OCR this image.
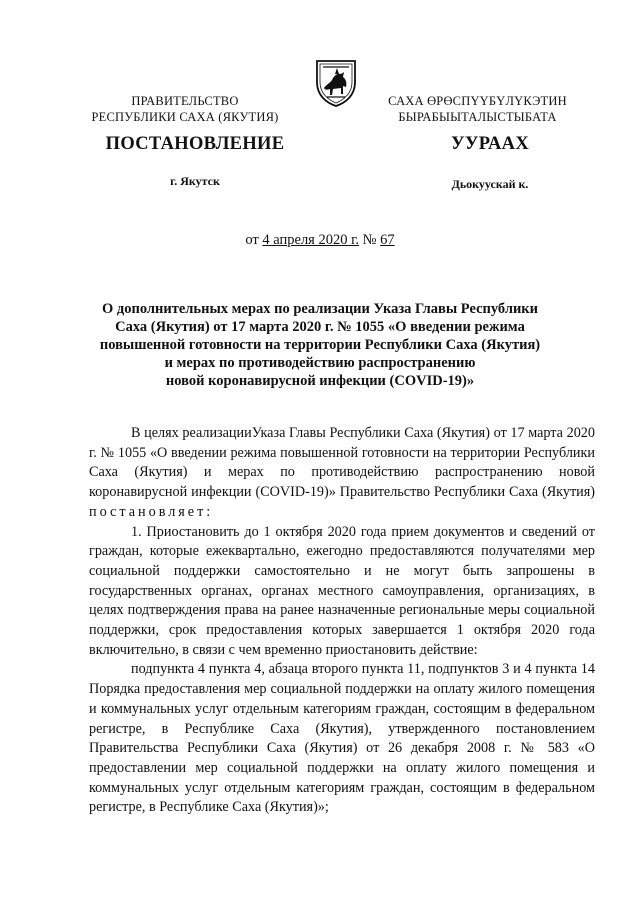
ПРАВИТЕЛЬСТВО
РЕСПУБЛИКИ САХА (ЯКУТИЯ)
САХА ӨРӨСПҮҮБҮЛҮКЭТИН
БЫРАБЫЫТАЛЫСТЫБАТА
ПОСТАНОВЛЕНИЕ	УУРААХ
г. Якутск	Дьокуускай к.
от 4 апреля 2020 г. № 67
О дополнительных мерах по реализации Указа Главы Республики
Саха (Якутия) от 17 марта 2020 г. № 1055 «О введении режима
повышенной готовности на территории Республики Саха (Якутия)
и мерах по противодействию распространению
новой коронавирусной инфекции (COVID-19)»

В целях реализацииУказа Главы Республики Саха (Якутия) от 17 марта 2020 г. № 1055 «О введении режима повышенной готовности на территории Республики Саха (Якутия) и мерах по противодействию распространению новой коронавирусной инфекции (COVID-19)» Правительство Республики Саха (Якутия) постановляет:

1. Приостановить до 1 октября 2020 года прием документов и сведений от граждан, которые ежеквартально, ежегодно предоставляются получателями мер социальной поддержки самостоятельно и не могут быть запрошены в государственных органах, органах местного самоуправления, организациях, в целях подтверждения права на ранее назначенные региональные меры социальной поддержки, срок предоставления которых завершается 1 октября 2020 года включительно, в связи с чем временно приостановить действие:

подпункта 4 пункта 4, абзаца второго пункта 11, подпунктов 3 и 4 пункта 14 Порядка предоставления мер социальной поддержки на оплату жилого помещения и коммунальных услуг отдельным категориям граждан, состоящим в федеральном регистре, в Республике Саха (Якутия), утвержденного постановлением Правительства Республики Саха (Якутия) от 26 декабря 2008 г. № 583 «О предоставлении мер социальной поддержки на оплату жилого помещения и коммунальных услуг отдельным категориям граждан, состоящим в федеральном регистре, в Республике Саха (Якутия)»;
